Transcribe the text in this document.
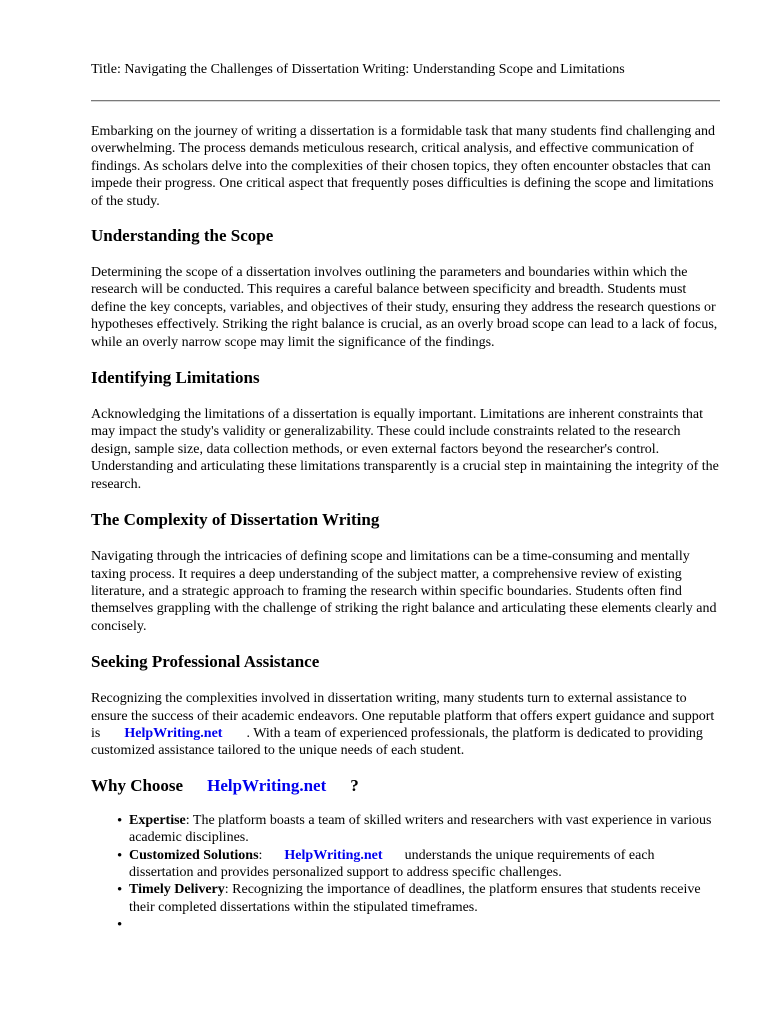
Title: Navigating the Challenges of Dissertation Writing: Understanding Scope and Limitations

Embarking on the journey of writing a dissertation is a formidable task that many students find challenging and overwhelming. The process demands meticulous research, critical analysis, and effective communication of findings. As scholars delve into the complexities of their chosen topics, they often encounter obstacles that can impede their progress. One critical aspect that frequently poses difficulties is defining the scope and limitations of the study.

Understanding the Scope

Determining the scope of a dissertation involves outlining the parameters and boundaries within which the research will be conducted. This requires a careful balance between specificity and breadth. Students must define the key concepts, variables, and objectives of their study, ensuring they address the research questions or hypotheses effectively. Striking the right balance is crucial, as an overly broad scope can lead to a lack of focus, while an overly narrow scope may limit the significance of the findings.

Identifying Limitations

Acknowledging the limitations of a dissertation is equally important. Limitations are inherent constraints that may impact the study's validity or generalizability. These could include constraints related to the research design, sample size, data collection methods, or even external factors beyond the researcher's control. Understanding and articulating these limitations transparently is a crucial step in maintaining the integrity of the research.

The Complexity of Dissertation Writing

Navigating through the intricacies of defining scope and limitations can be a time-consuming and mentally taxing process. It requires a deep understanding of the subject matter, a comprehensive review of existing literature, and a strategic approach to framing the research within specific boundaries. Students often find themselves grappling with the challenge of striking the right balance and articulating these elements clearly and concisely.

Seeking Professional Assistance

Recognizing the complexities involved in dissertation writing, many students turn to external assistance to ensure the success of their academic endeavors. One reputable platform that offers expert guidance and support is HelpWriting.net . With a team of experienced professionals, the platform is dedicated to providing customized assistance tailored to the unique needs of each student.

Why Choose HelpWriting.net ?
• Expertise: The platform boasts a team of skilled writers and researchers with vast experience in various academic disciplines.
• Customized Solutions: HelpWriting.net understands the unique requirements of each dissertation and provides personalized support to address specific challenges.
• Timely Delivery: Recognizing the importance of deadlines, the platform ensures that students receive their completed dissertations within the stipulated timeframes.
•
